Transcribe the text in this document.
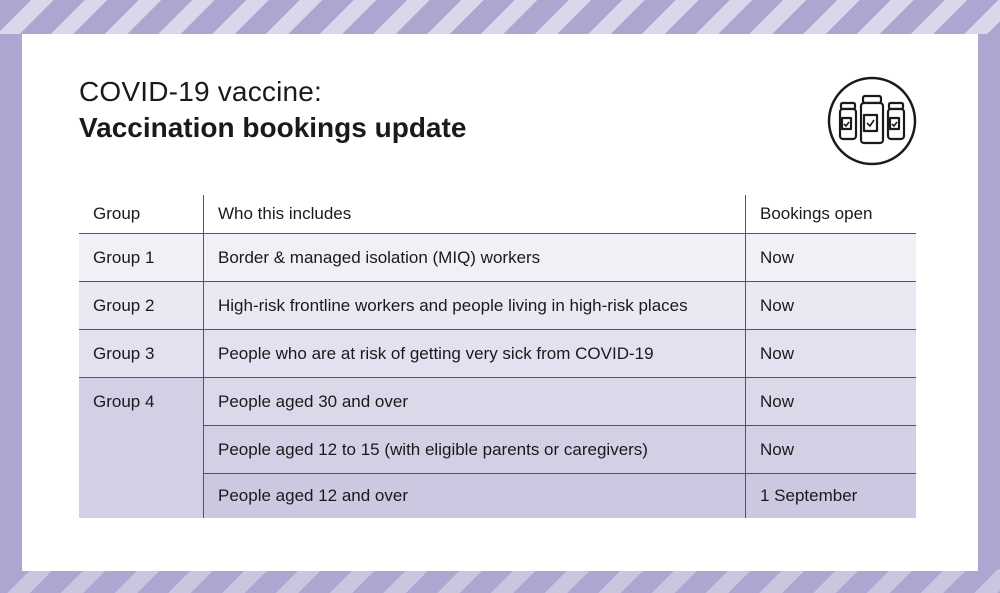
COVID-19 vaccine:
Vaccination bookings update
Group	Who this includes	Bookings open
Group 1	Border & managed isolation (MIQ) workers	Now
Group 2	High-risk frontline workers and people living in high-risk places	Now
Group 3	People who are at risk of getting very sick from COVID-19	Now
Group 4	People aged 30 and over	Now
	People aged 12 to 15 (with eligible parents or caregivers)	Now
	People aged 12 and over	1 September
